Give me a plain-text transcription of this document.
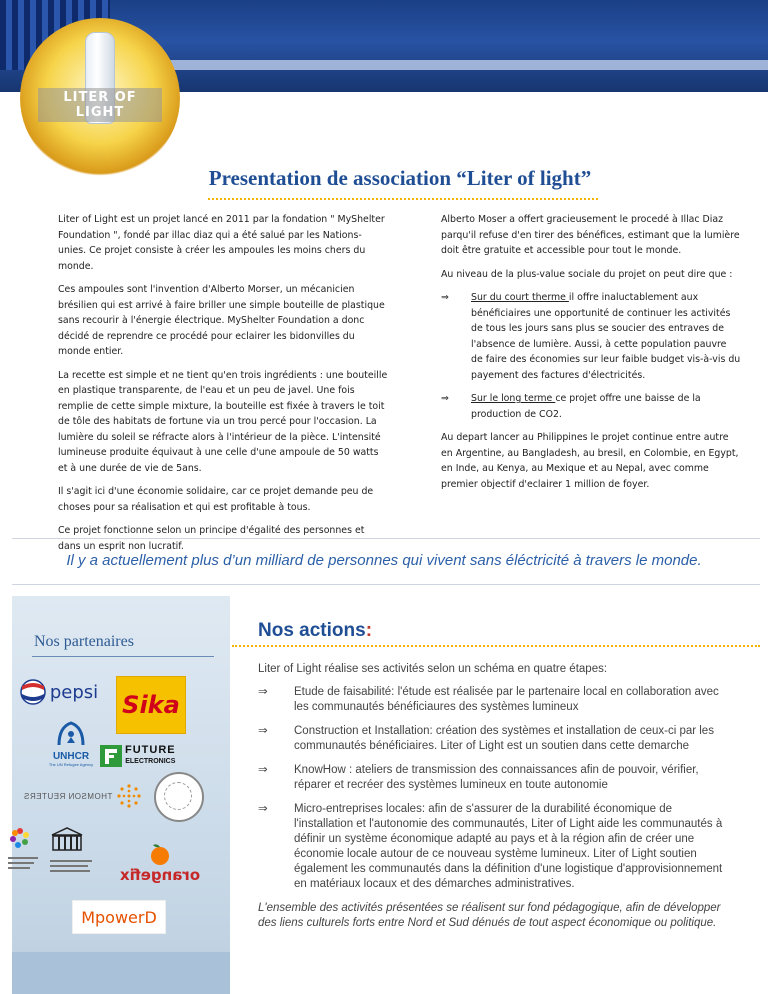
LITER OF LIGHT
Presentation de association “Liter of light”

Liter of Light est un projet lancé en 2011 par la fondation " MyShelter Foundation ", fondé par illac diaz qui a été salué par les Nations-unies. Ce projet consiste à créer les ampoules les moins chers du monde.

Ces ampoules sont l'invention d'Alberto Morser, un mécanicien brésilien qui est arrivé à faire briller une simple bouteille de plastique sans recourir à l'énergie électrique. MyShelter Foundation a donc décidé de reprendre ce procédé pour eclairer les bidonvilles du monde entier.

La recette est simple et ne tient qu'en trois ingrédients : une bouteille en plastique transparente, de l'eau et un peu de javel. Une fois remplie de cette simple mixture, la bouteille est fixée à travers le toit de tôle des habitats de fortune via un trou percé pour l'occasion. La lumière du soleil se réfracte alors à l'intérieur de la pièce. L'intensité lumineuse produite équivaut à une celle d'une ampoule de 50 watts et à une durée de vie de 5ans.

Il s'agit ici d'une économie solidaire, car ce projet demande peu de choses pour sa réalisation et qui est profitable à tous.

Ce projet fonctionne selon un principe d'égalité des personnes et dans un esprit non lucratif.

Alberto Moser a offert gracieusement le procedé à Illac Diaz parqu'il refuse d'en tirer des bénéfices, estimant que la lumière doit être gratuite et accessible pour tout le monde.

Au niveau de la plus-value sociale du projet on peut dire que :

⇒ Sur du court therme il offre inaluctablement aux bénéficiaires une opportunité de continuer les activités de tous les jours sans plus se soucier des entraves de l'absence de lumière. Aussi, à cette population pauvre de faire des économies sur leur faible budget vis-à-vis du payement des factures d'électricités.
⇒ Sur le long terme ce projet offre une baisse de la production de CO2.

Au depart lancer au Philippines le projet continue entre autre en Argentine, au Bangladesh, au bresil, en Colombie, en Egypt, en Inde, au Kenya, au Mexique et au Nepal, avec comme premier objectif d'eclairer 1 million de foyer.

Il y a actuellement plus d’un milliard de personnes qui vivent sans éléctricité à travers le monde.
Nos partenaires
pepsi Sika
UNHCR
The UN Refugee Agency
FUTURE
ELECTRONICS
THOMSON REUTERS
orangefix
MpowerD
Nos actions:

Liter of Light réalise ses activités selon un schéma en quatre étapes:

⇒ Etude de faisabilité: l'étude est réalisée par le partenaire local en collaboration avec les communautés bénéficiaures des systèmes lumineux
⇒ Construction et Installation: création des systèmes et installation de ceux-ci par les communautés bénéficiaires. Liter of Light est un soutien dans cette demarche
⇒ KnowHow : ateliers de transmission des connaissances afin de pouvoir, vérifier, réparer et recréer des systèmes lumineux en toute autonomie
⇒ Micro-entreprises locales: afin de s'assurer de la durabilité économique de l'installation et l'autonomie des communautés, Liter of Light aide les communautés à définir un système économique adapté au pays et à la région afin de créer une économie locale autour de ce nouveau système lumineux. Liter of Light soutien également les communautés dans la définition d'une logistique d'approvisionnement en matériaux locaux et des démarches administratives.

L'ensemble des activités présentées se réalisent sur fond pédagogique, afin de développer des liens culturels forts entre Nord et Sud dénués de tout aspect économique ou politique.
